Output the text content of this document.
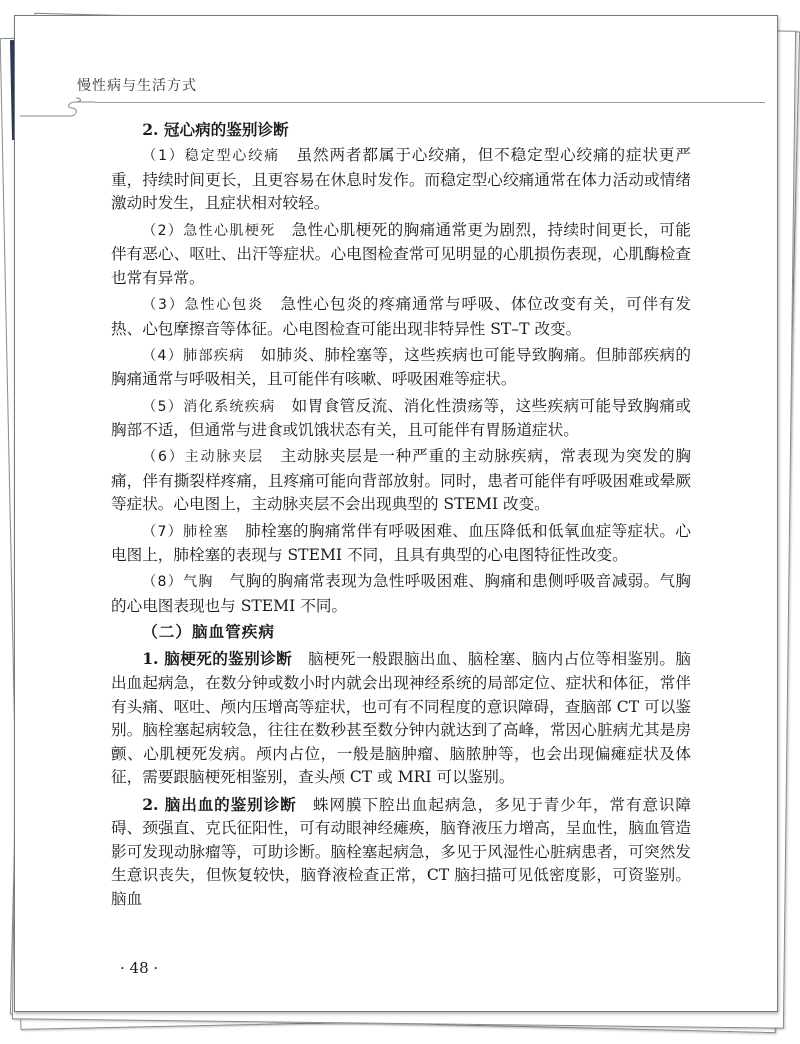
慢性病与生活方式

2. 冠心病的鉴别诊断

（1）稳定型心绞痛　 虽然两者都属于心绞痛，但不稳定型心绞痛的症状更严重，持续时间更长，且更容易在休息时发作。而稳定型心绞痛通常在体力活动或情绪激动时发生，且症状相对较轻。

（2）急性心肌梗死　 急性心肌梗死的胸痛通常更为剧烈，持续时间更长，可能伴有恶心、呕吐、出汗等症状。心电图检查常可见明显的心肌损伤表现，心肌酶检查也常有异常。

（3）急性心包炎　 急性心包炎的疼痛通常与呼吸、体位改变有关，可伴有发热、心包摩擦音等体征。心电图检查可能出现非特异性 ST–T 改变。

（4）肺部疾病　 如肺炎、肺栓塞等，这些疾病也可能导致胸痛。但肺部疾病的胸痛通常与呼吸相关，且可能伴有咳嗽、呼吸困难等症状。

（5）消化系统疾病　 如胃食管反流、消化性溃疡等，这些疾病可能导致胸痛或胸部不适，但通常与进食或饥饿状态有关，且可能伴有胃肠道症状。

（6）主动脉夹层　 主动脉夹层是一种严重的主动脉疾病，常表现为突发的胸痛，伴有撕裂样疼痛，且疼痛可能向背部放射。同时，患者可能伴有呼吸困难或晕厥等症状。心电图上，主动脉夹层不会出现典型的 STEMI 改变。

（7）肺栓塞　 肺栓塞的胸痛常伴有呼吸困难、血压降低和低氧血症等症状。心电图上，肺栓塞的表现与 STEMI 不同，且具有典型的心电图特征性改变。

（8）气胸　 气胸的胸痛常表现为急性呼吸困难、胸痛和患侧呼吸音减弱。气胸的心电图表现也与 STEMI 不同。

（二）脑血管疾病

1. 脑梗死的鉴别诊断　 脑梗死一般跟脑出血、脑栓塞、脑内占位等相鉴别。脑出血起病急，在数分钟或数小时内就会出现神经系统的局部定位、症状和体征，常伴有头痛、呕吐、颅内压增高等症状，也可有不同程度的意识障碍，查脑部 CT 可以鉴别。脑栓塞起病较急，往往在数秒甚至数分钟内就达到了高峰，常因心脏病尤其是房颤、心肌梗死发病。颅内占位，一般是脑肿瘤、脑脓肿等，也会出现偏瘫症状及体征，需要跟脑梗死相鉴别，查头颅 CT 或 MRI 可以鉴别。

2. 脑出血的鉴别诊断　 蛛网膜下腔出血起病急，多见于青少年，常有意识障碍、颈强直、克氏征阳性，可有动眼神经瘫痪，脑脊液压力增高，呈血性，脑血管造影可发现动脉瘤等，可助诊断。脑栓塞起病急，多见于风湿性心脏病患者，可突然发生意识丧失，但恢复较快，脑脊液检查正常，CT 脑扫描可见低密度影，可资鉴别。脑血

· 48 ·
